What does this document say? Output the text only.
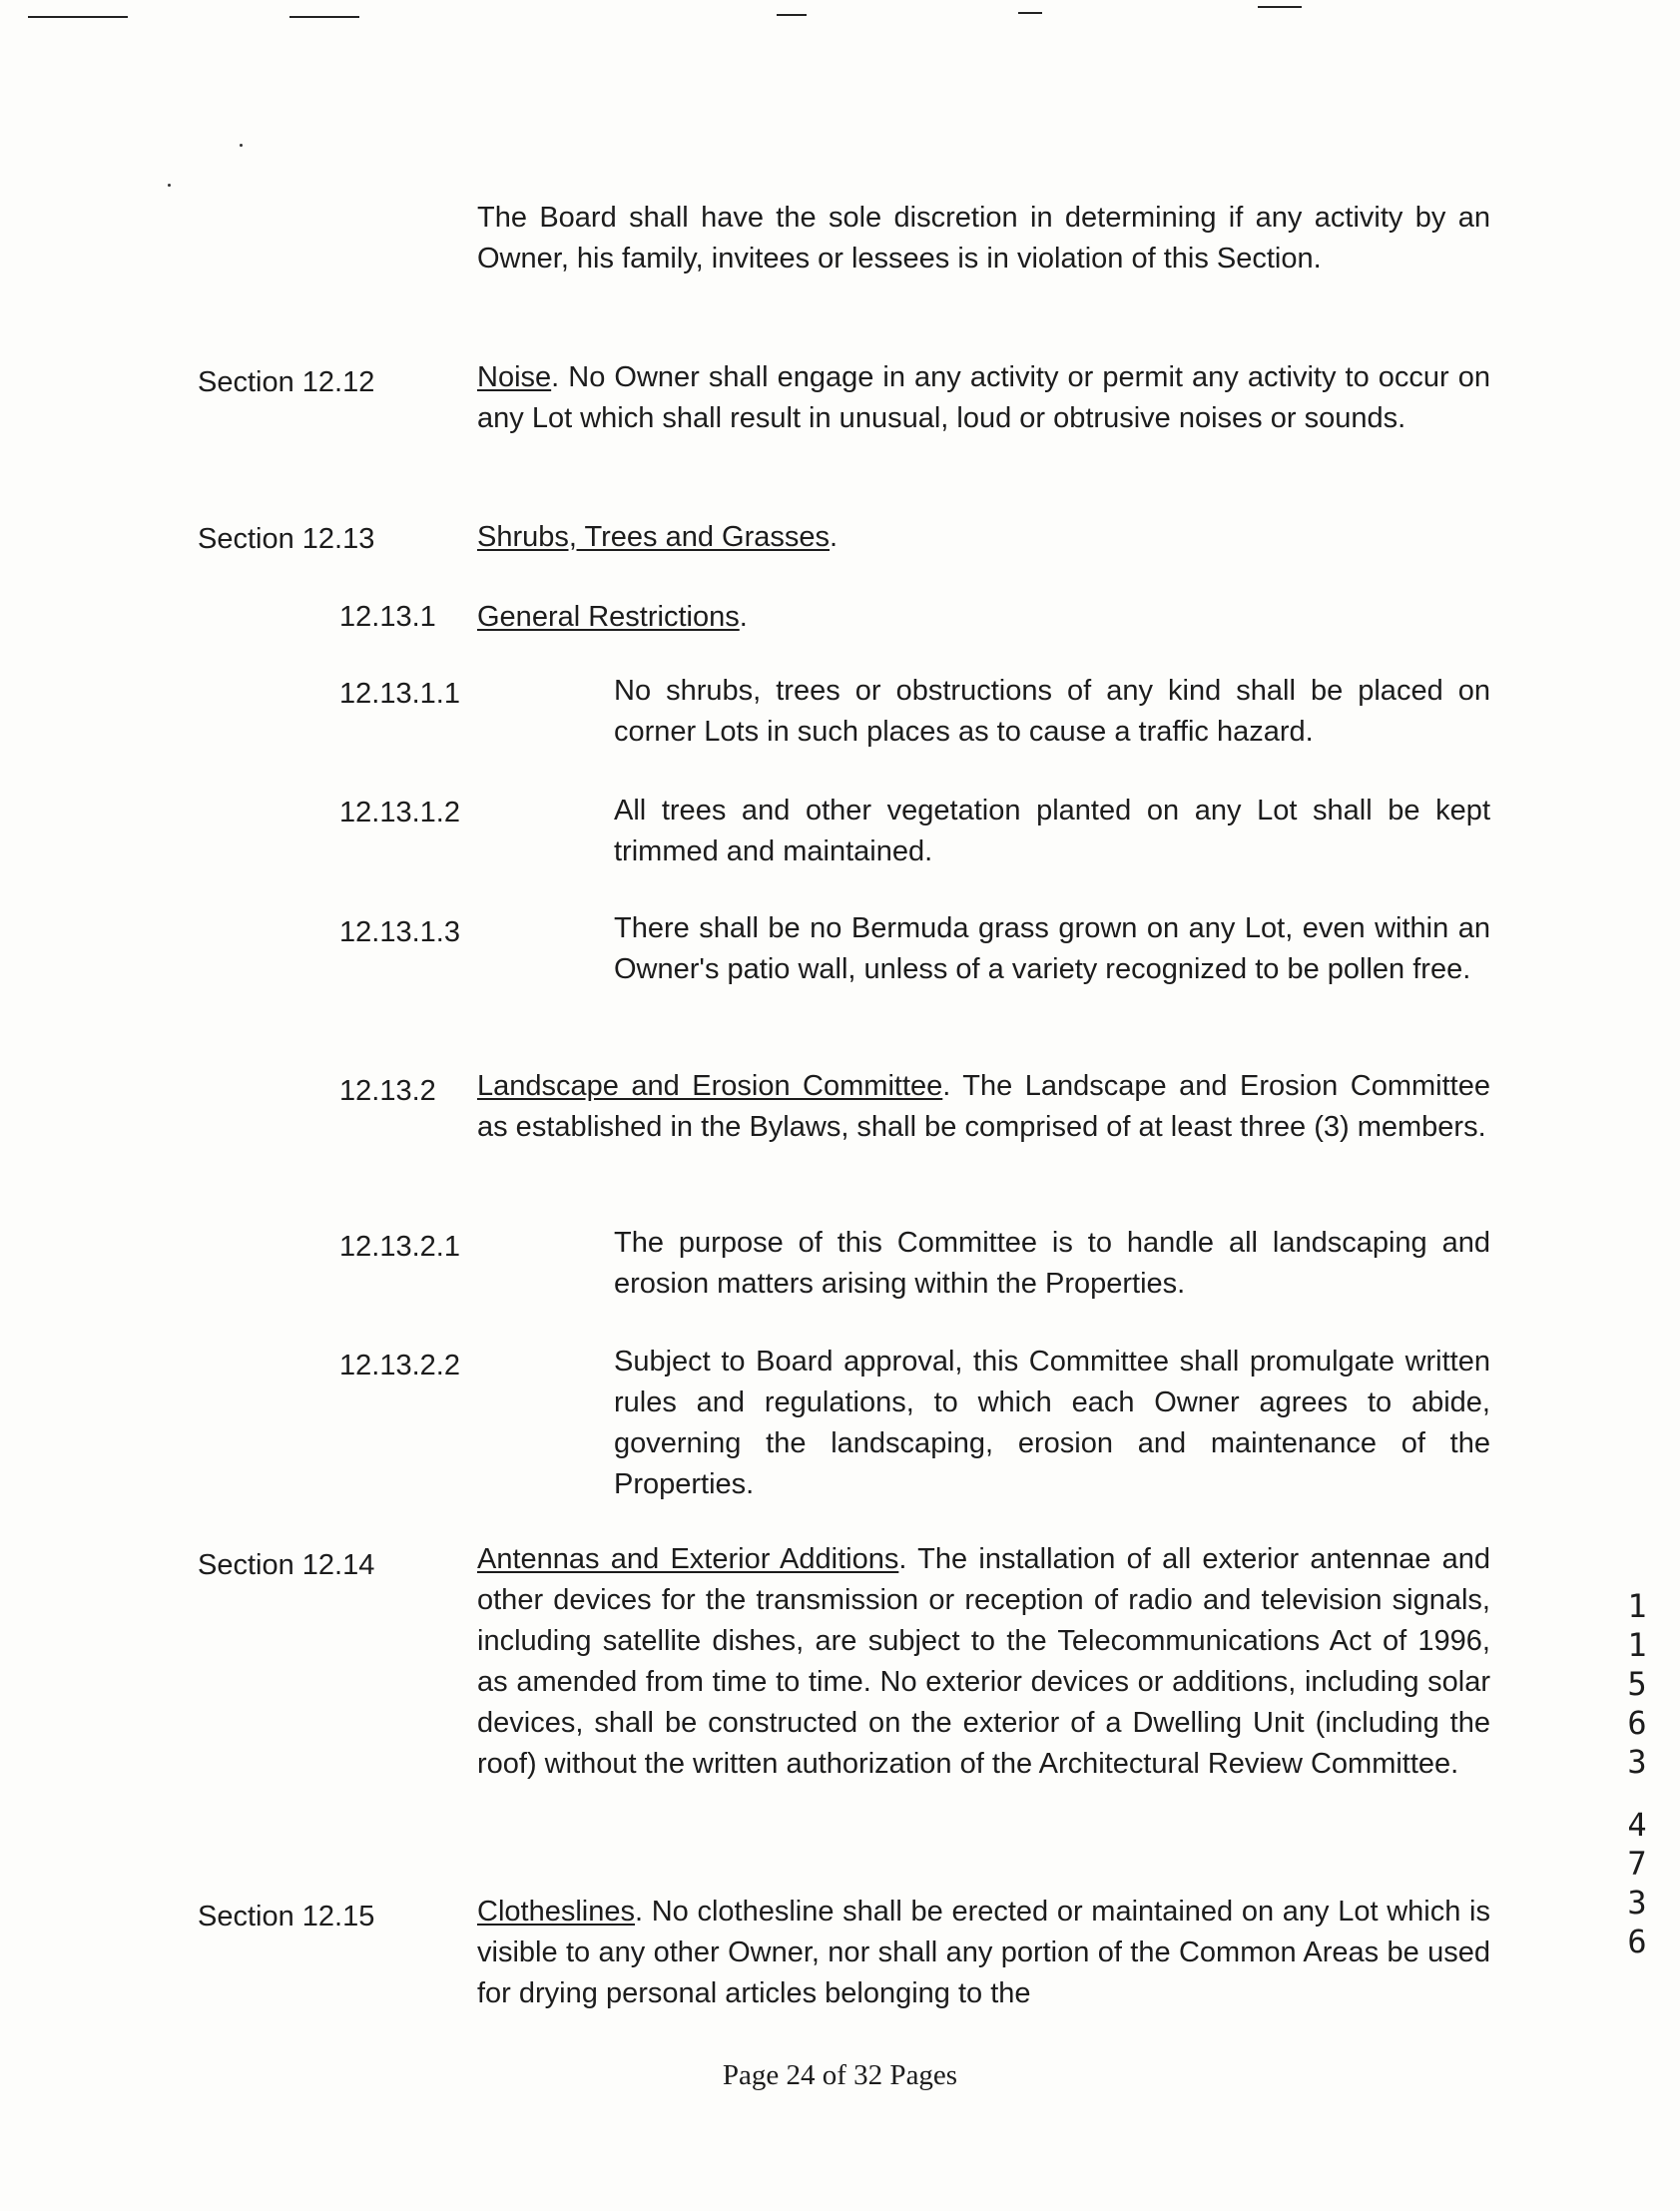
The Board shall have the sole discretion in determining if any activity by an Owner, his family, invitees or lessees is in violation of this Section.
Section 12.12	Noise. No Owner shall engage in any activity or permit any activity to occur on any Lot which shall result in unusual, loud or obtrusive noises or sounds.
Section 12.13	Shrubs, Trees and Grasses.
12.13.1 General Restrictions.
12.13.1.1	No shrubs, trees or obstructions of any kind shall be placed on corner Lots in such places as to cause a traffic hazard.
12.13.1.2	All trees and other vegetation planted on any Lot shall be kept trimmed and maintained.
12.13.1.3	There shall be no Bermuda grass grown on any Lot, even within an Owner's patio wall, unless of a variety recognized to be pollen free.
12.13.2 Landscape and Erosion Committee. The Landscape and Erosion Committee as established in the Bylaws, shall be comprised of at least three (3) members.
12.13.2.1	The purpose of this Committee is to handle all landscaping and erosion matters arising within the Properties.
12.13.2.2	Subject to Board approval, this Committee shall promulgate written rules and regulations, to which each Owner agrees to abide, governing the landscaping, erosion and maintenance of the Properties.
Section 12.14	Antennas and Exterior Additions. The installation of all exterior antennae and other devices for the transmission or reception of radio and television signals, including satellite dishes, are subject to the Telecommunications Act of 1996, as amended from time to time. No exterior devices or additions, including solar devices, shall be constructed on the exterior of a Dwelling Unit (including the roof) without the written authorization of the Architectural Review Committee.
Section 12.15	Clotheslines. No clothesline shall be erected or maintained on any Lot which is visible to any other Owner, nor shall any portion of the Common Areas be used for drying personal articles belonging to the
1
1
5
6
3
4
7
3
6
Page 24 of 32 Pages
